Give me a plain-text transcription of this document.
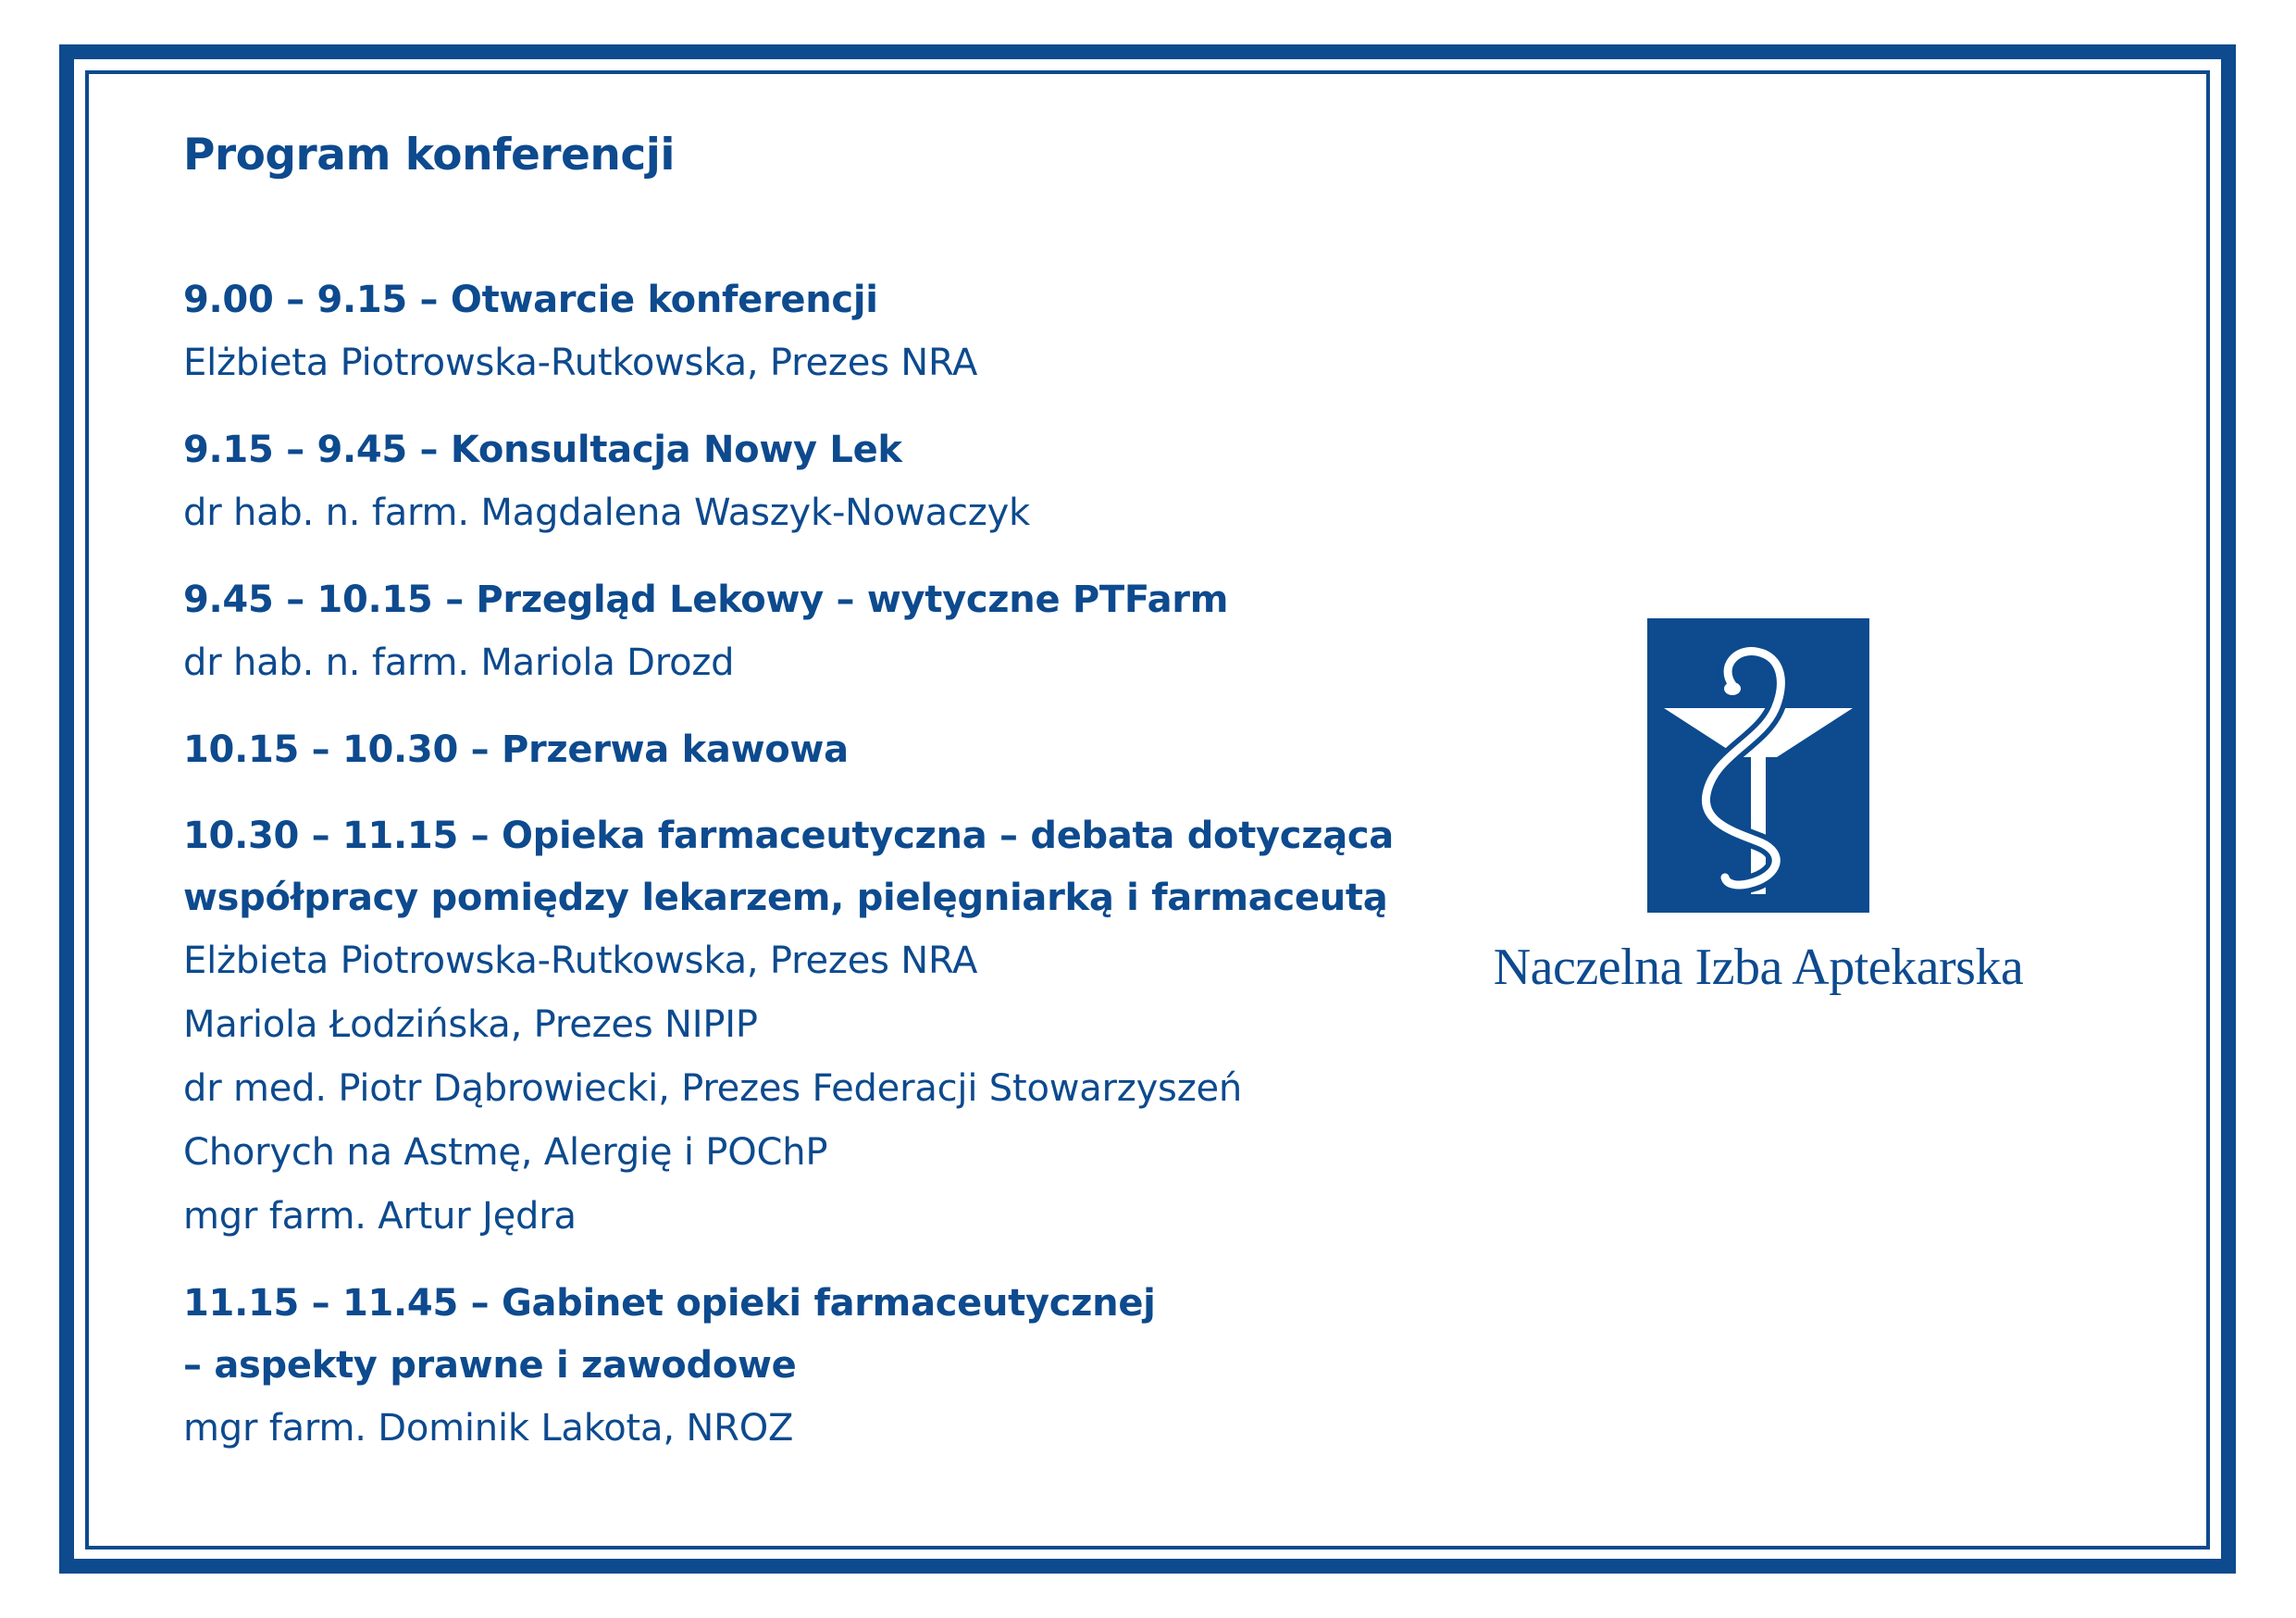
Program konferencji
9.00 – 9.15 – Otwarcie konferencji
Elżbieta Piotrowska-Rutkowska, Prezes NRA
9.15 – 9.45 – Konsultacja Nowy Lek
dr hab. n. farm. Magdalena Waszyk-Nowaczyk
9.45 – 10.15 – Przegląd Lekowy – wytyczne PTFarm
dr hab. n. farm. Mariola Drozd
10.15 – 10.30 – Przerwa kawowa
10.30 – 11.15 – Opieka farmaceutyczna – debata dotycząca
współpracy pomiędzy lekarzem, pielęgniarką i farmaceutą
Elżbieta Piotrowska-Rutkowska, Prezes NRA
Mariola Łodzińska, Prezes NIPIP
dr med. Piotr Dąbrowiecki, Prezes Federacji Stowarzyszeń
Chorych na Astmę, Alergię i POChP
mgr farm. Artur Jędra
11.15 – 11.45 – Gabinet opieki farmaceutycznej
– aspekty prawne i zawodowe
mgr farm. Dominik Lakota, NROZ
Naczelna Izba Aptekarska
